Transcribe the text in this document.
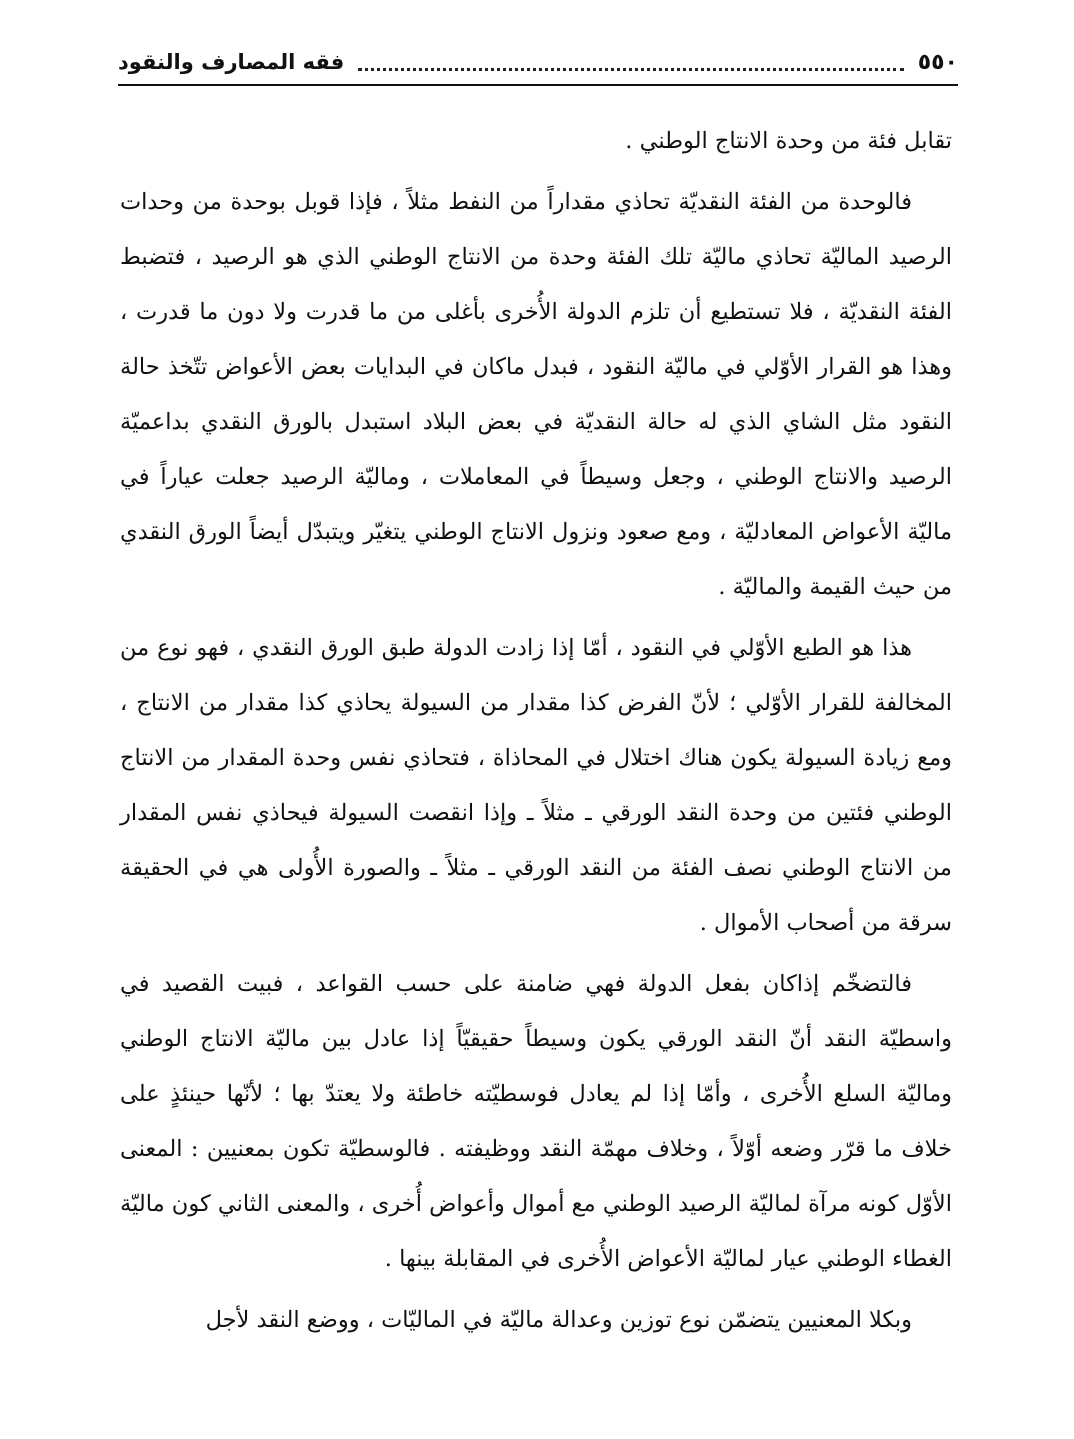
٥٥٠
فقه المصارف والنقود

تقابل فئة من وحدة الانتاج الوطني .

فالوحدة من الفئة النقديّة تحاذي مقداراً من النفط مثلاً ، فإذا قوبل بوحدة من وحدات الرصيد الماليّة تحاذي ماليّة تلك الفئة وحدة من الانتاج الوطني الذي هو الرصيد ، فتضبط الفئة النقديّة ، فلا تستطيع أن تلزم الدولة الأُخرى بأغلى من ما قدرت ولا دون ما قدرت ، وهذا هو القرار الأوّلي في ماليّة النقود ، فبدل ماكان في البدايات بعض الأعواض تتّخذ حالة النقود مثل الشاي الذي له حالة النقديّة في بعض البلاد استبدل بالورق النقدي بداعميّة الرصيد والانتاج الوطني ، وجعل وسيطاً في المعاملات ، وماليّة الرصيد جعلت عياراً في ماليّة الأعواض المعادليّة ، ومع صعود ونزول الانتاج الوطني يتغيّر ويتبدّل أيضاً الورق النقدي من حيث القيمة والماليّة .

هذا هو الطبع الأوّلي في النقود ، أمّا إذا زادت الدولة طبق الورق النقدي ، فهو نوع من المخالفة للقرار الأوّلي ؛ لأنّ الفرض كذا مقدار من السيولة يحاذي كذا مقدار من الانتاج ، ومع زيادة السيولة يكون هناك اختلال في المحاذاة ، فتحاذي نفس وحدة المقدار من الانتاج الوطني فئتين من وحدة النقد الورقي ـ مثلاً ـ وإذا انقصت السيولة فيحاذي نفس المقدار من الانتاج الوطني نصف الفئة من النقد الورقي ـ مثلاً ـ والصورة الأُولى هي في الحقيقة سرقة من أصحاب الأموال .

فالتضخّم إذاكان بفعل الدولة فهي ضامنة على حسب القواعد ، فبيت القصيد في واسطيّة النقد أنّ النقد الورقي يكون وسيطاً حقيقيّاً إذا عادل بين ماليّة الانتاج الوطني وماليّة السلع الأُخرى ، وأمّا إذا لم يعادل فوسطيّته خاطئة ولا يعتدّ بها ؛ لأنّها حينئذٍ على خلاف ما قرّر وضعه أوّلاً ، وخلاف مهمّة النقد ووظيفته . فالوسطيّة تكون بمعنيين : المعنى الأوّل كونه مرآة لماليّة الرصيد الوطني مع أموال وأعواض أُخرى ، والمعنى الثاني كون ماليّة الغطاء الوطني عيار لماليّة الأعواض الأُخرى في المقابلة بينها .

وبكلا المعنيين يتضمّن نوع توزين وعدالة ماليّة في الماليّات ، ووضع النقد لأجل
